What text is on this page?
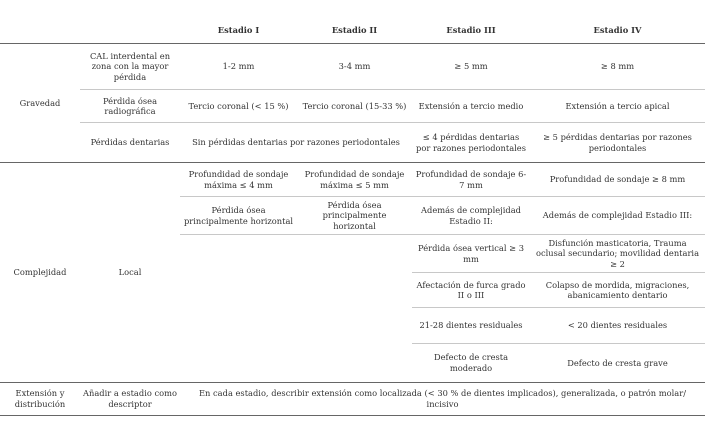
		Estadio I	Estadio II	Estadio III	Estadio IV
Gravedad	CAL interdental en zona con la mayor pérdida	1-2 mm	3-4 mm	≥ 5 mm	≥ 8 mm
	Pérdida ósea radiográfica	Tercio coronal (< 15 %)	Tercio coronal (15-33 %)	Extensión a tercio medio	Extensión a tercio apical
	Pérdidas dentarias	Sin pérdidas dentarias por razones periodontales		≤ 4 pérdidas dentarias por razones periodontales	≥ 5 pérdidas dentarias por razones periodontales
Complejidad	Local	Profundidad de sondaje máxima ≤ 4 mm	Profundidad de sondaje máxima ≤ 5 mm	Profundidad de sondaje 6-7 mm	Profundidad de sondaje ≥ 8 mm
		Pérdida ósea principalmente horizontal	Pérdida ósea principalmente horizontal	Además de complejidad Estadio II:	Además de complejidad Estadio III:
				Pérdida ósea vertical ≥ 3 mm	Disfunción masticatoria, Trauma oclusal secundario; movilidad dentaria ≥ 2
				Afectación de furca grado II o III	Colapso de mordida, migraciones, abanicamiento dentario
				21-28 dientes residuales	< 20 dientes residuales
				Defecto de cresta moderado	Defecto de cresta grave

Extensión y distribución	Añadir a estadio como descriptor	En cada estadio, describir extensión como localizada (< 30 % de dientes implicados), generalizada, o patrón molar/ incisivo			
